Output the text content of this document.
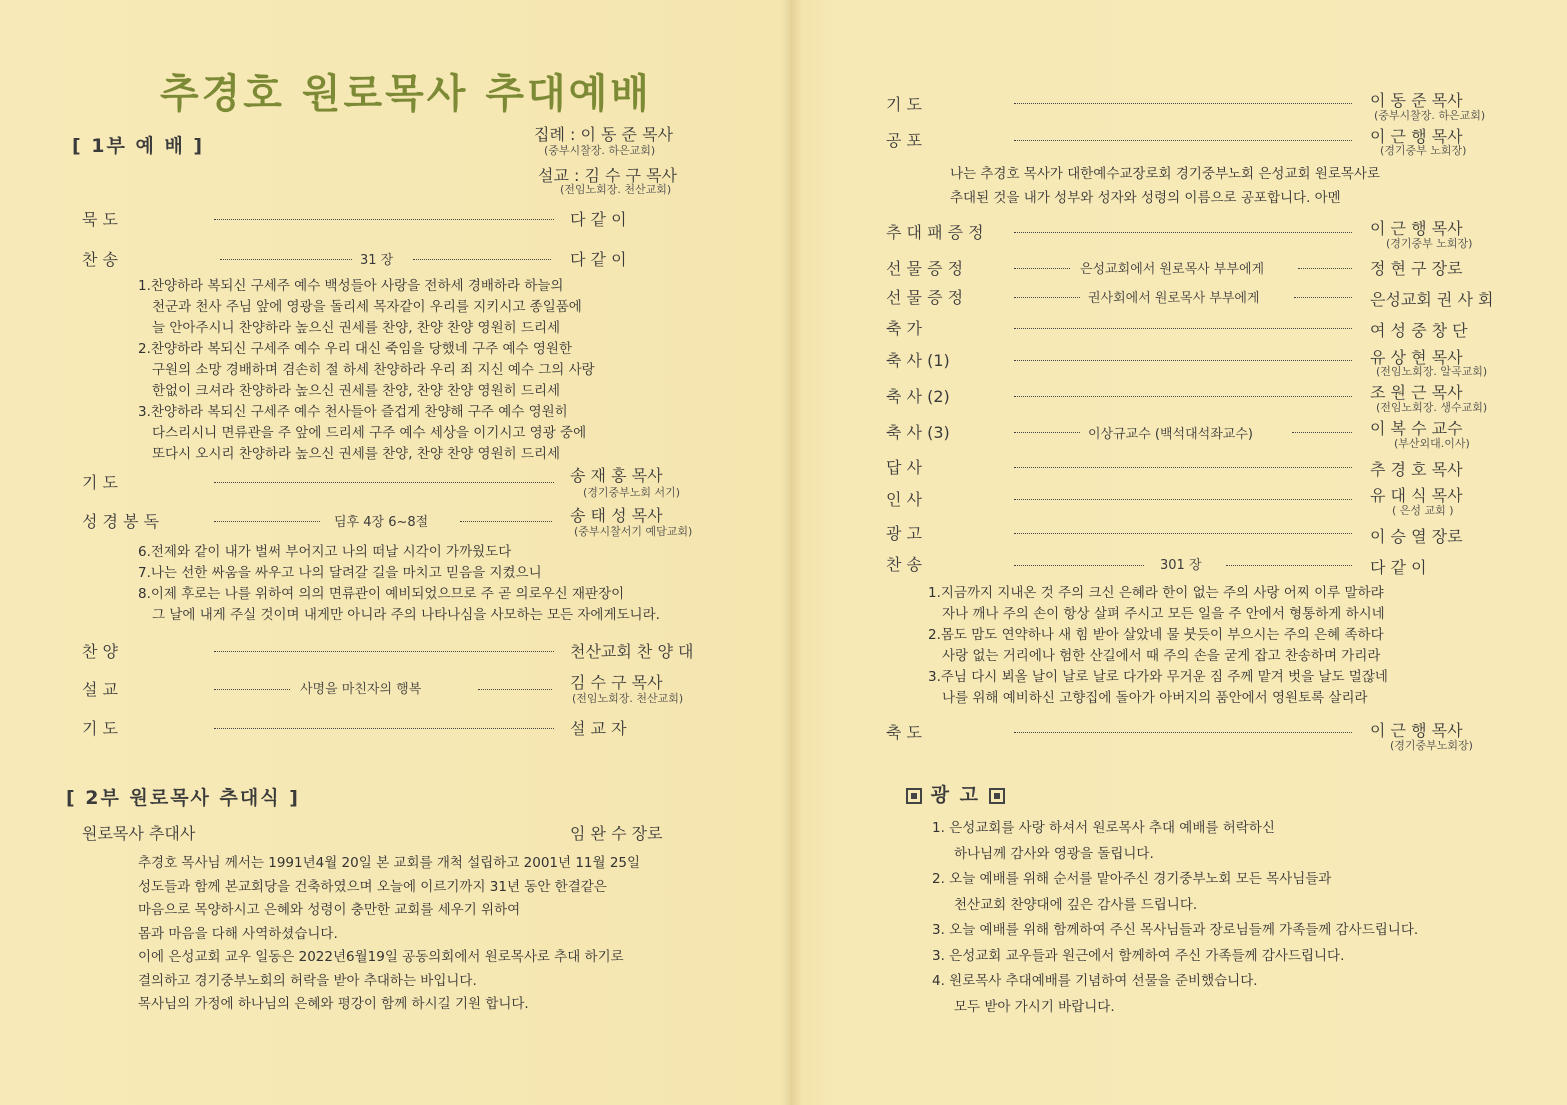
추경호 원로목사 추대예배
[ 1부 예 배 ]
집례 : 이 동 준 목사
(중부시찰장. 하은교회)
설교 : 김 수 구 목사
(전임노회장. 천산교회)
묵 도	다 같 이
찬 송	31 장	다 같 이
1.찬양하라 복되신 구세주 예수 백성들아 사랑을 전하세 경배하라 하늘의
천군과 천사 주님 앞에 영광을 돌리세 목자같이 우리를 지키시고 종일품에
늘 안아주시니 찬양하라 높으신 권세를 찬양, 찬양 찬양 영원히 드리세
2.찬양하라 복되신 구세주 예수 우리 대신 죽임을 당했네 구주 예수 영원한
구원의 소망 경배하며 겸손히 절 하세 찬양하라 우리 죄 지신 예수 그의 사랑
한없이 크셔라 찬양하라 높으신 권세를 찬양, 찬양 찬양 영원히 드리세
3.찬양하라 복되신 구세주 예수 천사들아 즐겁게 찬양해 구주 예수 영원히
다스리시니 면류관을 주 앞에 드리세 구주 예수 세상을 이기시고 영광 중에
또다시 오시리 찬양하라 높으신 권세를 찬양, 찬양 찬양 영원히 드리세
기 도	송 재 홍 목사
(경기중부노회 서기)
성 경 봉 독	딤후 4장 6~8절	송 태 성 목사
(중부시찰서기 예담교회)
6.전제와 같이 내가 벌써 부어지고 나의 떠날 시각이 가까웠도다
7.나는 선한 싸움을 싸우고 나의 달려갈 길을 마치고 믿음을 지켰으니
8.이제 후로는 나를 위하여 의의 면류관이 예비되었으므로 주 곧 의로우신 재판장이
그 날에 내게 주실 것이며 내게만 아니라 주의 나타나심을 사모하는 모든 자에게도니라.
찬 양	천산교회 찬 양 대
설 교	사명을 마친자의 행복	김 수 구 목사
(전임노회장. 천산교회)
기 도	설 교 자
[ 2부 원로목사 추대식 ]
원로목사 추대사	임 완 수 장로
추경호 목사님 께서는 1991년4월 20일 본 교회를 개척 설립하고 2001년 11월 25일
성도들과 함께 본교회당을 건축하였으며 오늘에 이르기까지 31년 동안 한결같은
마음으로 목양하시고 은혜와 성령이 충만한 교회를 세우기 위하여
몸과 마음을 다해 사역하셨습니다.
이에 은성교회 교우 일동은 2022년6월19일 공동의회에서 원로목사로 추대 하기로
결의하고 경기중부노회의 허락을 받아 추대하는 바입니다.
목사님의 가정에 하나님의 은혜와 평강이 함께 하시길 기원 합니다.
기 도	이 동 준 목사
(중부시찰장. 하은교회)
공 포	이 근 행 목사
(경기중부 노회장)
나는 추경호 목사가 대한예수교장로회 경기중부노회 은성교회 원로목사로
추대된 것을 내가 성부와 성자와 성령의 이름으로 공포합니다. 아멘
추 대 패 증 정	이 근 행 목사
(경기중부 노회장)
선 물 증 정	은성교회에서 원로목사 부부에게	정 현 구 장로
선 물 증 정	권사회에서 원로목사 부부에게	은성교회 권 사 회
축 가	여 성 중 창 단
축 사 (1)	유 상 현 목사
(전임노회장. 알곡교회)
축 사 (2)	조 원 근 목사
(전임노회장. 생수교회)
축 사 (3)	이상규교수 (백석대석좌교수)	이 복 수 교수
(부산외대.이사)
답 사	추 경 호 목사
인 사	유 대 식 목사
( 은성 교회 )
광 고	이 승 열 장로
찬 송	301 장	다 같 이
1.지금까지 지내온 것 주의 크신 은혜라 한이 없는 주의 사랑 어찌 이루 말하랴
자나 깨나 주의 손이 항상 살펴 주시고 모든 일을 주 안에서 형통하게 하시네
2.몸도 맘도 연약하나 새 힘 받아 살았네 물 붓듯이 부으시는 주의 은혜 족하다
사랑 없는 거리에나 험한 산길에서 때 주의 손을 굳게 잡고 찬송하며 가리라
3.주님 다시 뵈올 날이 날로 날로 다가와 무거운 짐 주께 맡겨 벗을 날도 멀잖네
나를 위해 예비하신 고향집에 돌아가 아버지의 품안에서 영원토록 살리라
축 도	이 근 행 목사
(경기중부노회장)
광 고
1. 은성교회를 사랑 하셔서 원로목사 추대 예배를 허락하신
하나님께 감사와 영광을 돌립니다.
2. 오늘 예배를 위해 순서를 맡아주신 경기중부노회 모든 목사님들과
천산교회 찬양대에 깊은 감사를 드립니다.
3. 오늘 예배를 위해 함께하여 주신 목사님들과 장로님들께 가족들께 감사드립니다.
3. 은성교회 교우들과 원근에서 함께하여 주신 가족들께 감사드립니다.
4. 원로목사 추대예배를 기념하여 선물을 준비했습니다.
모두 받아 가시기 바랍니다.
